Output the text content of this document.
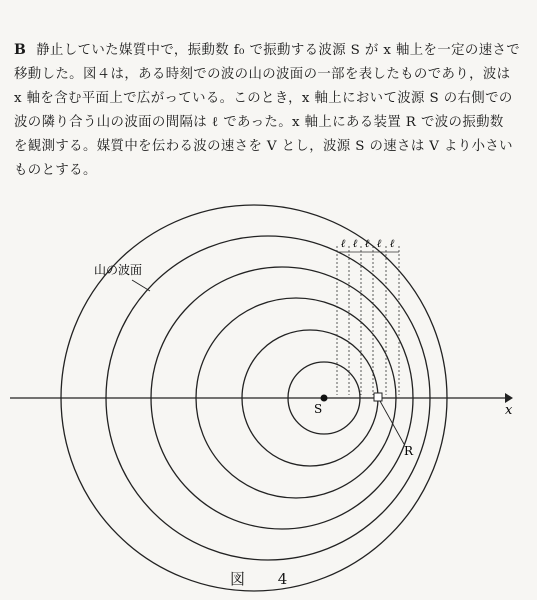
B 静止していた媒質中で，振動数 f₀ で振動する波源 S が x 軸上を一定の速さで
移動した。図４は，ある時刻での波の山の波面の一部を表したものであり，波は
x 軸を含む平面上で広がっている。このとき，x 軸上において波源 S の右側での
波の隣り合う山の波面の間隔は ℓ であった。x 軸上にある装置 R で波の振動数
を観測する。媒質中を伝わる波の速さを V とし，波源 S の速さは V より小さい
ものとする。
x
ℓ ℓ ℓ ℓ ℓ
S
R
山の波面
図 4
